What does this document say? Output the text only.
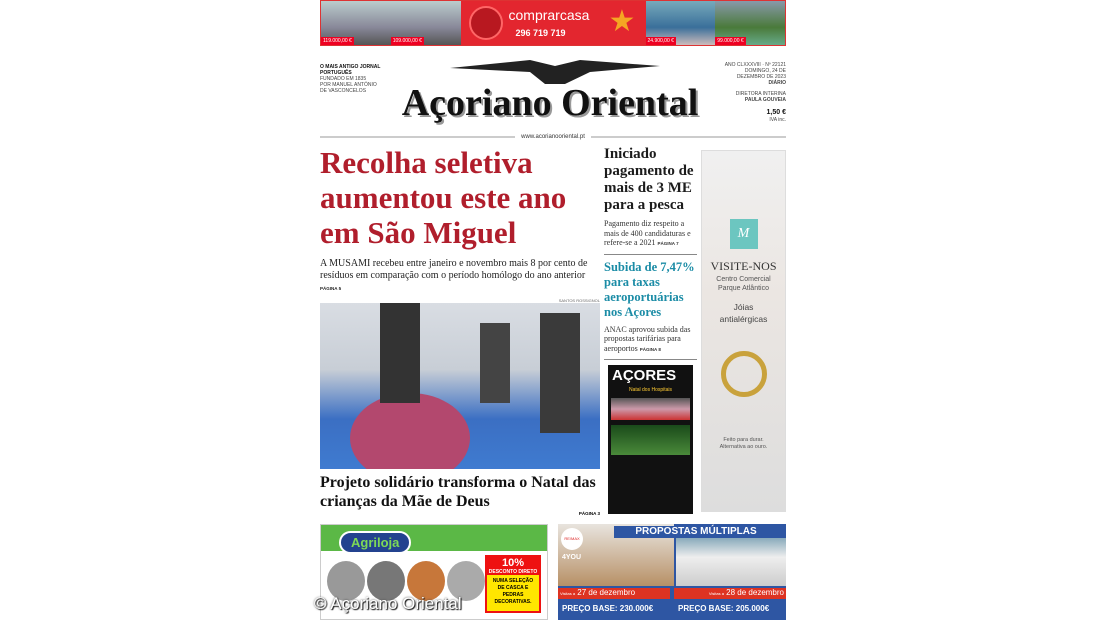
119.000,00 €	109.000,00 €
comprarcasa
296 719 719 ★
24.900,00 €	99.000,00 €
O MAIS ANTIGO JORNAL PORTUGUÊS
FUNDADO EM 1835
POR MANUEL ANTÓNIO
DE VASCONCELOS Açoriano Oriental
ANO CLXXXVIII · Nº 22121
DOMINGO, 24 DE DEZEMBRO DE 2023
DIÁRIO
DIRETORA INTERINA
PAULA GOUVEIA
1,50 €
IVA inc.
www.acorianooriental.pt
Recolha seletiva aumentou este ano em São Miguel
A MUSAMI recebeu entre janeiro e novembro mais 8 por cento de resíduos em comparação com o período homólogo do ano anterior PÁGINA 5
SANTOS ROSSIGNOL
Projeto solidário transforma o Natal das crianças da Mãe de Deus
PÁGINA 3
Iniciado pagamento de mais de 3 ME para a pesca
Pagamento diz respeito a mais de 400 candidaturas e refere-se a 2021 PÁGINA 7
Subida de 7,47% para taxas aeroportuárias nos Açores
ANAC aprovou subida das propostas tarifárias para aeroportos PÁGINA 8
AÇORES
Natal dos Hospitais
M
VISITE-NOS
Centro Comercial Parque Atlântico
Jóias antialérgicas
Feito para durar. Alternativa ao ouro.
Agriloja
10%
DESCONTO DIRETO
NUMA SELEÇÃO DE CASCA E PEDRAS DECORATIVAS.
PROPOSTAS MÚLTIPLAS
RE/MAX
4YOU
Visitas a 27 de dezembro	Visitas a 28 de dezembro
PREÇO BASE: 230.000€	PREÇO BASE: 205.000€
© Açoriano Oriental
